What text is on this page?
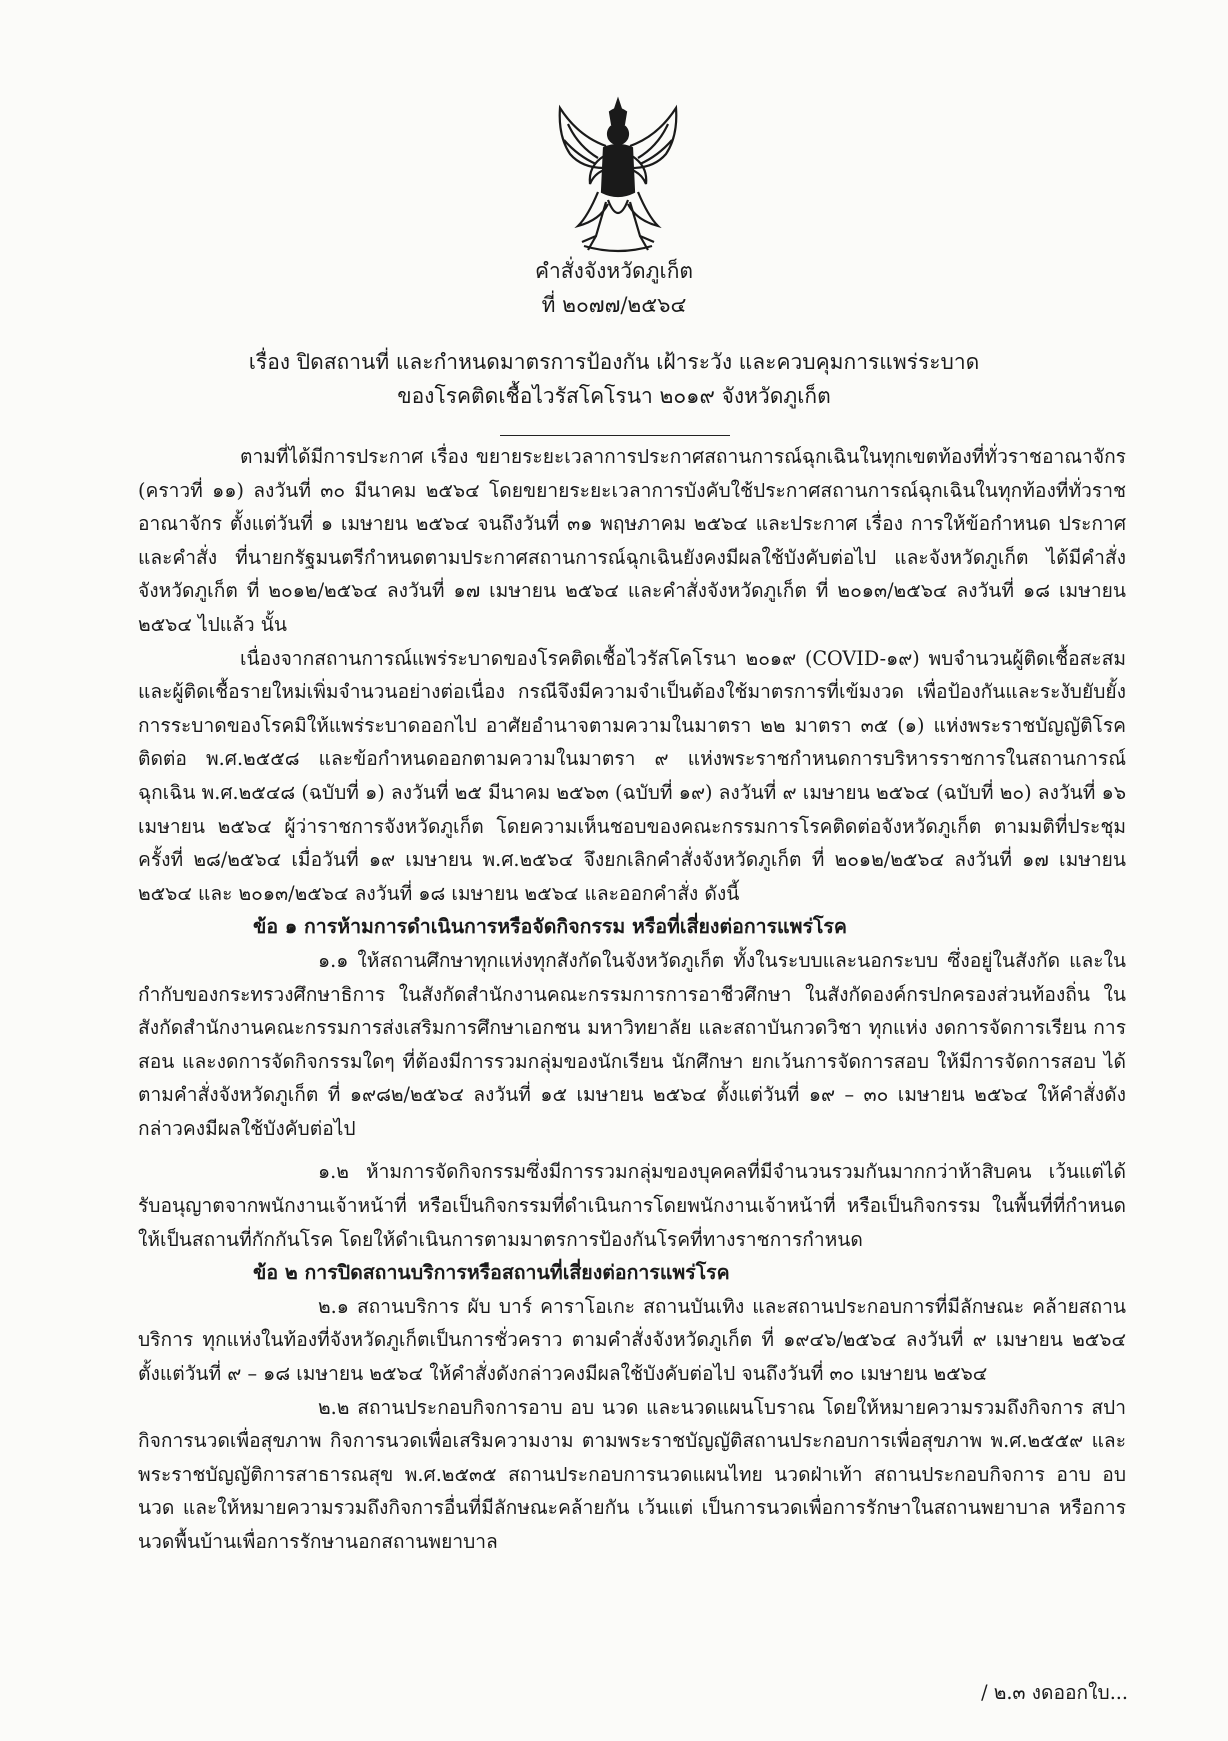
คำสั่งจังหวัดภูเก็ต
ที่ ๒๐๗๗/๒๕๖๔
เรื่อง ปิดสถานที่ และกำหนดมาตรการป้องกัน เฝ้าระวัง และควบคุมการแพร่ระบาด
ของโรคติดเชื้อไวรัสโคโรนา ๒๐๑๙ จังหวัดภูเก็ต

ตามที่ได้มีการประกาศ เรื่อง ขยายระยะเวลาการประกาศสถานการณ์ฉุกเฉินในทุกเขตท้องที่ทั่วราชอาณาจักร (คราวที่ ๑๑) ลงวันที่ ๓๐ มีนาคม ๒๕๖๔ โดยขยายระยะเวลาการบังคับใช้ประกาศสถานการณ์ฉุกเฉินในทุกท้องที่ทั่วราชอาณาจักร ตั้งแต่วันที่ ๑ เมษายน ๒๕๖๔ จนถึงวันที่ ๓๑ พฤษภาคม ๒๕๖๔ และประกาศ เรื่อง การให้ข้อกำหนด ประกาศ และคำสั่ง ที่นายกรัฐมนตรีกำหนดตามประกาศสถานการณ์ฉุกเฉินยังคงมีผลใช้บังคับต่อไป และจังหวัดภูเก็ต ได้มีคำสั่งจังหวัดภูเก็ต ที่ ๒๐๑๒/๒๕๖๔ ลงวันที่ ๑๗ เมษายน ๒๕๖๔ และคำสั่งจังหวัดภูเก็ต ที่ ๒๐๑๓/๒๕๖๔ ลงวันที่ ๑๘ เมษายน ๒๕๖๔ ไปแล้ว นั้น

เนื่องจากสถานการณ์แพร่ระบาดของโรคติดเชื้อไวรัสโคโรนา ๒๐๑๙ (COVID-๑๙) พบจำนวนผู้ติดเชื้อสะสม และผู้ติดเชื้อรายใหม่เพิ่มจำนวนอย่างต่อเนื่อง กรณีจึงมีความจำเป็นต้องใช้มาตรการที่เข้มงวด เพื่อป้องกันและระงับยับยั้ง การระบาดของโรคมิให้แพร่ระบาดออกไป อาศัยอำนาจตามความในมาตรา ๒๒ มาตรา ๓๕ (๑) แห่งพระราชบัญญัติโรคติดต่อ พ.ศ.๒๕๕๘ และข้อกำหนดออกตามความในมาตรา ๙ แห่งพระราชกำหนดการบริหารราชการในสถานการณ์ฉุกเฉิน พ.ศ.๒๕๔๘ (ฉบับที่ ๑) ลงวันที่ ๒๕ มีนาคม ๒๕๖๓ (ฉบับที่ ๑๙) ลงวันที่ ๙ เมษายน ๒๕๖๔ (ฉบับที่ ๒๐) ลงวันที่ ๑๖ เมษายน ๒๕๖๔ ผู้ว่าราชการจังหวัดภูเก็ต โดยความเห็นชอบของคณะกรรมการโรคติดต่อจังหวัดภูเก็ต ตามมติที่ประชุม ครั้งที่ ๒๘/๒๕๖๔ เมื่อวันที่ ๑๙ เมษายน พ.ศ.๒๕๖๔ จึงยกเลิกคำสั่งจังหวัดภูเก็ต ที่ ๒๐๑๒/๒๕๖๔ ลงวันที่ ๑๗ เมษายน ๒๕๖๔ และ ๒๐๑๓/๒๕๖๔ ลงวันที่ ๑๘ เมษายน ๒๕๖๔ และออกคำสั่ง ดังนี้

ข้อ ๑ การห้ามการดำเนินการหรือจัดกิจกรรม หรือที่เสี่ยงต่อการแพร่โรค

๑.๑ ให้สถานศึกษาทุกแห่งทุกสังกัดในจังหวัดภูเก็ต ทั้งในระบบและนอกระบบ ซึ่งอยู่ในสังกัด และในกำกับของกระทรวงศึกษาธิการ ในสังกัดสำนักงานคณะกรรมการการอาชีวศึกษา ในสังกัดองค์กรปกครองส่วนท้องถิ่น ในสังกัดสำนักงานคณะกรรมการส่งเสริมการศึกษาเอกชน มหาวิทยาลัย และสถาบันกวดวิชา ทุกแห่ง งดการจัดการเรียน การสอน และงดการจัดกิจกรรมใดๆ ที่ต้องมีการรวมกลุ่มของนักเรียน นักศึกษา ยกเว้นการจัดการสอบ ให้มีการจัดการสอบ ได้ตามคำสั่งจังหวัดภูเก็ต ที่ ๑๙๘๒/๒๕๖๔ ลงวันที่ ๑๕ เมษายน ๒๕๖๔ ตั้งแต่วันที่ ๑๙ – ๓๐ เมษายน ๒๕๖๔ ให้คำสั่งดังกล่าวคงมีผลใช้บังคับต่อไป

๑.๒ ห้ามการจัดกิจกรรมซึ่งมีการรวมกลุ่มของบุคคลที่มีจำนวนรวมกันมากกว่าห้าสิบคน เว้นแต่ได้รับอนุญาตจากพนักงานเจ้าหน้าที่ หรือเป็นกิจกรรมที่ดำเนินการโดยพนักงานเจ้าหน้าที่ หรือเป็นกิจกรรม ในพื้นที่ที่กำหนดให้เป็นสถานที่กักกันโรค โดยให้ดำเนินการตามมาตรการป้องกันโรคที่ทางราชการกำหนด

ข้อ ๒ การปิดสถานบริการหรือสถานที่เสี่ยงต่อการแพร่โรค

๒.๑ สถานบริการ ผับ บาร์ คาราโอเกะ สถานบันเทิง และสถานประกอบการที่มีลักษณะ คล้ายสถานบริการ ทุกแห่งในท้องที่จังหวัดภูเก็ตเป็นการชั่วคราว ตามคำสั่งจังหวัดภูเก็ต ที่ ๑๙๔๖/๒๕๖๔ ลงวันที่ ๙ เมษายน ๒๕๖๔ ตั้งแต่วันที่ ๙ – ๑๘ เมษายน ๒๕๖๔ ให้คำสั่งดังกล่าวคงมีผลใช้บังคับต่อไป จนถึงวันที่ ๓๐ เมษายน ๒๕๖๔

๒.๒ สถานประกอบกิจการอาบ อบ นวด และนวดแผนโบราณ โดยให้หมายความรวมถึงกิจการ สปา กิจการนวดเพื่อสุขภาพ กิจการนวดเพื่อเสริมความงาม ตามพระราชบัญญัติสถานประกอบการเพื่อสุขภาพ พ.ศ.๒๕๕๙ และพระราชบัญญัติการสาธารณสุข พ.ศ.๒๕๓๕ สถานประกอบการนวดแผนไทย นวดฝ่าเท้า สถานประกอบกิจการ อาบ อบ นวด และให้หมายความรวมถึงกิจการอื่นที่มีลักษณะคล้ายกัน เว้นแต่ เป็นการนวดเพื่อการรักษาในสถานพยาบาล หรือการนวดพื้นบ้านเพื่อการรักษานอกสถานพยาบาล

/ ๒.๓ งดออกใบ...
